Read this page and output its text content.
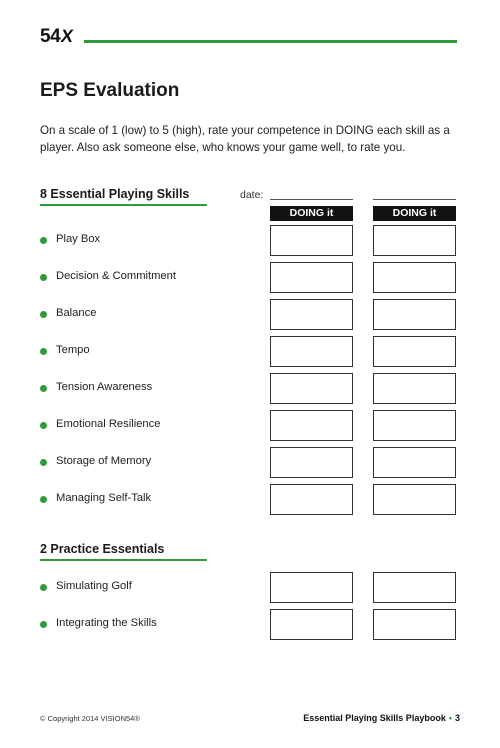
54X
EPS Evaluation
On a scale of 1 (low) to 5 (high), rate your competence in DOING each skill as a player. Also ask someone else, who knows your game well, to rate you.
8 Essential Playing Skills	date:
DOING it	DOING it
Play Box
Decision & Commitment
Balance
Tempo
Tension Awareness
Emotional Resilience
Storage of Memory
Managing Self-Talk
2 Practice Essentials
Simulating Golf
Integrating the Skills
© Copyright 2014 VISION54®	Essential Playing Skills Playbook • 3
